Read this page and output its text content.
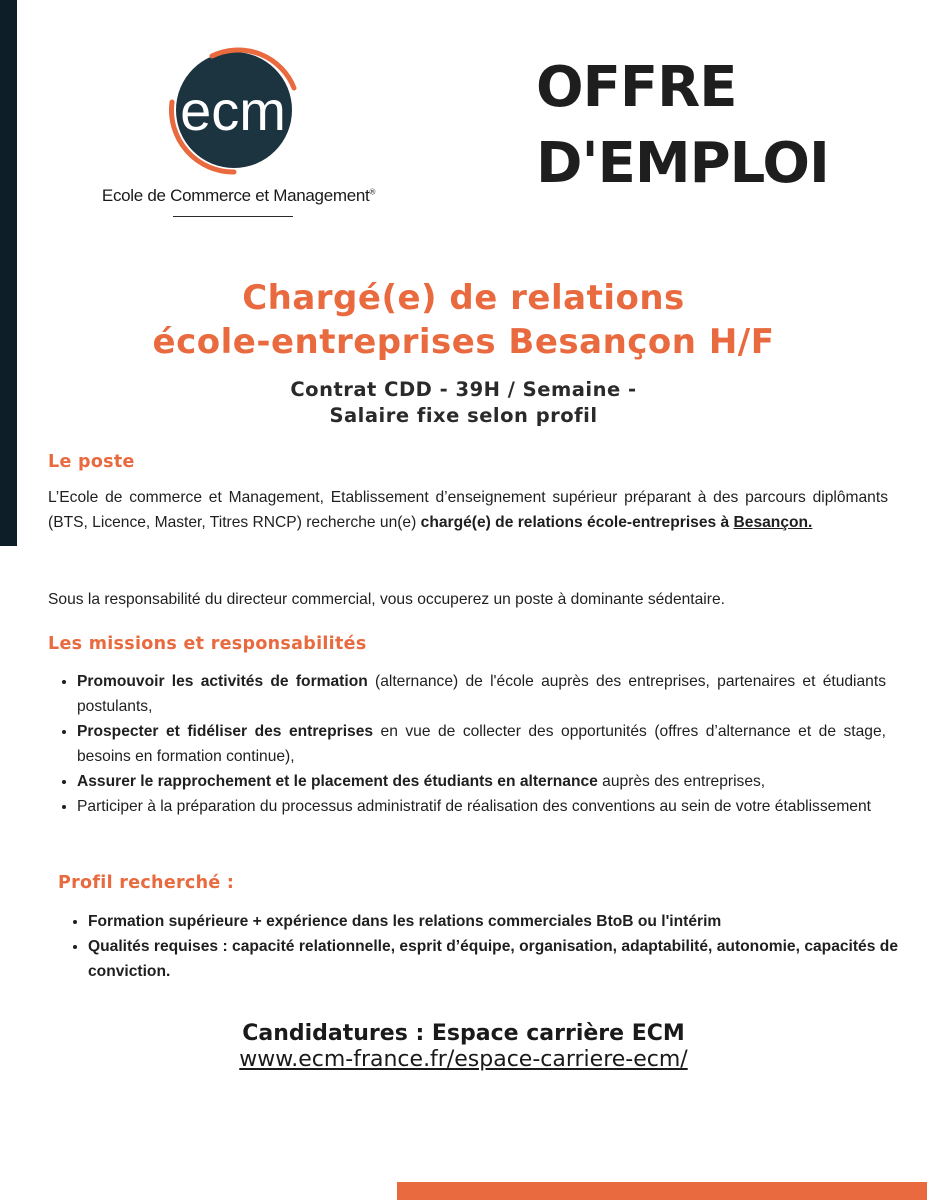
ecm
Ecole de Commerce et Management®
OFFRE
D'EMPLOI
Chargé(e) de relations
école-entreprises Besançon H/F
Contrat CDD - 39H / Semaine -
Salaire fixe selon profil
Le poste

L’Ecole de commerce et Management, Etablissement d’enseignement supérieur préparant à des parcours diplômants (BTS, Licence, Master, Titres RNCP) recherche un(e) chargé(e) de relations école-entreprises à Besançon.

Sous la responsabilité du directeur commercial, vous occuperez un poste à dominante sédentaire.

Les missions et responsabilités
• Promouvoir les activités de formation (alternance) de l'école auprès des entreprises, partenaires et étudiants postulants,
• Prospecter et fidéliser des entreprises en vue de collecter des opportunités (offres d’alternance et de stage, besoins en formation continue),
• Assurer le rapprochement et le placement des étudiants en alternance auprès des entreprises,
• Participer à la préparation du processus administratif de réalisation des conventions au sein de votre établissement
Profil recherché :
• Formation supérieure + expérience dans les relations commerciales BtoB ou l'intérim
• Qualités requises : capacité relationnelle, esprit d’équipe, organisation, adaptabilité, autonomie, capacités de conviction.
Candidatures : Espace carrière ECM
www.ecm-france.fr/espace-carriere-ecm/
